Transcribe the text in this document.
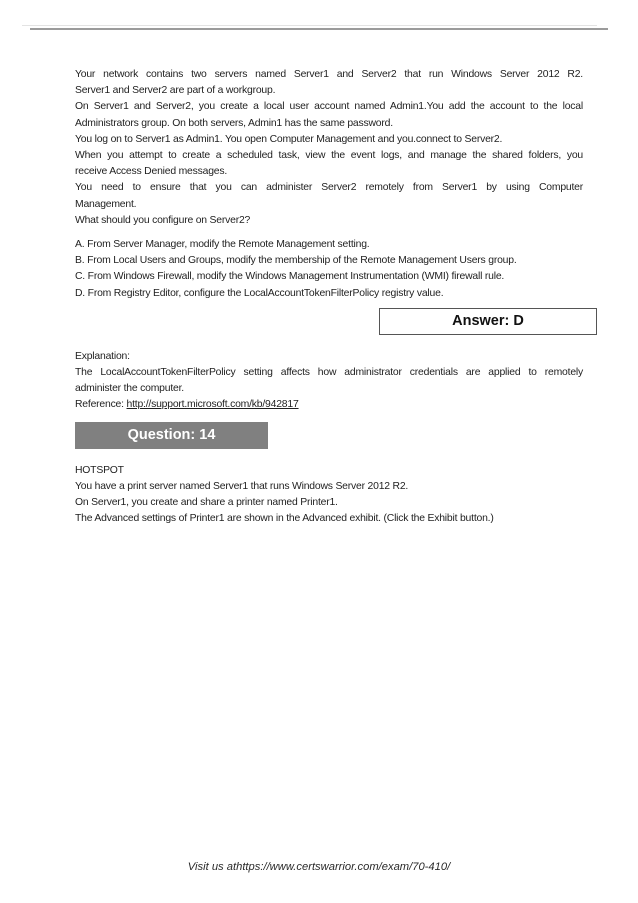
Your network contains two servers named Server1 and Server2 that run Windows Server 2012 R2.
Server1 and Server2 are part of a workgroup.
On Server1 and Server2, you create a local user account named Admin1.You add the account to the local
Administrators group. On both servers, Admin1 has the same password.
You log on to Server1 as Admin1. You open Computer Management and you.connect to Server2.
When you attempt to create a scheduled task, view the event logs, and manage the shared folders, you
receive Access Denied messages.
You need to ensure that you can administer Server2 remotely from Server1 by using Computer
Management.
What should you configure on Server2?
A. From Server Manager, modify the Remote Management setting.
B. From Local Users and Groups, modify the membership of the Remote Management Users group.
C. From Windows Firewall, modify the Windows Management Instrumentation (WMI) firewall rule.
D. From Registry Editor, configure the LocalAccountTokenFilterPolicy registry value.
Answer: D
Explanation:
The LocalAccountTokenFilterPolicy setting affects how administrator credentials are applied to remotely
administer the computer.
Reference: http://support.microsoft.com/kb/942817
Question: 14
HOTSPOT
You have a print server named Server1 that runs Windows Server 2012 R2.
On Server1, you create and share a printer named Printer1.
The Advanced settings of Printer1 are shown in the Advanced exhibit. (Click the Exhibit button.)
Visit us athttps://www.certswarrior.com/exam/70-410/
